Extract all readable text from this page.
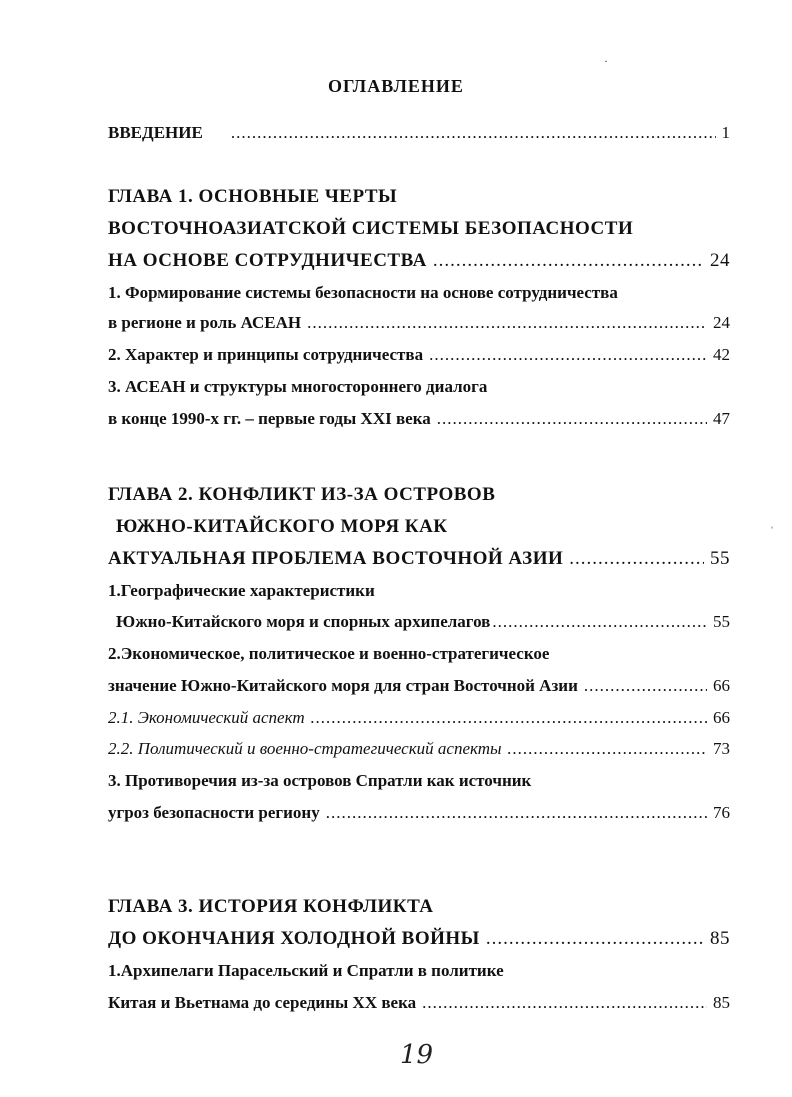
ОГЛАВЛЕНИЕ
ВВЕДЕНИЕ .....	1
ГЛАВА 1. ОСНОВНЫЕ ЧЕРТЫ
ВОСТОЧНОАЗИАТСКОЙ СИСТЕМЫ БЕЗОПАСНОСТИ
НА ОСНОВЕ СОТРУДНИЧЕСТВА .....	24
1. Формирование системы безопасности на основе сотрудничества
в регионе и роль АСЕАН .....	24
2. Характер и принципы сотрудничества .....	42
3. АСЕАН и структуры многостороннего диалога
в конце 1990-х гг. – первые годы XXI века .....	47
ГЛАВА 2. КОНФЛИКТ ИЗ-ЗА ОСТРОВОВ
ЮЖНО-КИТАЙСКОГО МОРЯ КАК
АКТУАЛЬНАЯ ПРОБЛЕМА ВОСТОЧНОЙ АЗИИ .....	55
1.Географические характеристики
Южно-Китайского моря и спорных архипелагов .....	55
2.Экономическое, политическое и военно-стратегическое
значение Южно-Китайского моря для стран Восточной Азии .....	66
2.1. Экономический аспект .....	66
2.2. Политический и военно-стратегический аспекты .....	73
3. Противоречия из-за островов Спратли как источник
угроз безопасности региону .....	76
ГЛАВА 3. ИСТОРИЯ КОНФЛИКТА
ДО ОКОНЧАНИЯ ХОЛОДНОЙ ВОЙНЫ .....	85
1.Архипелаги Парасельский и Спратли в политике
Китая и Вьетнама до середины XX века .....	85
·
ˈ
19
